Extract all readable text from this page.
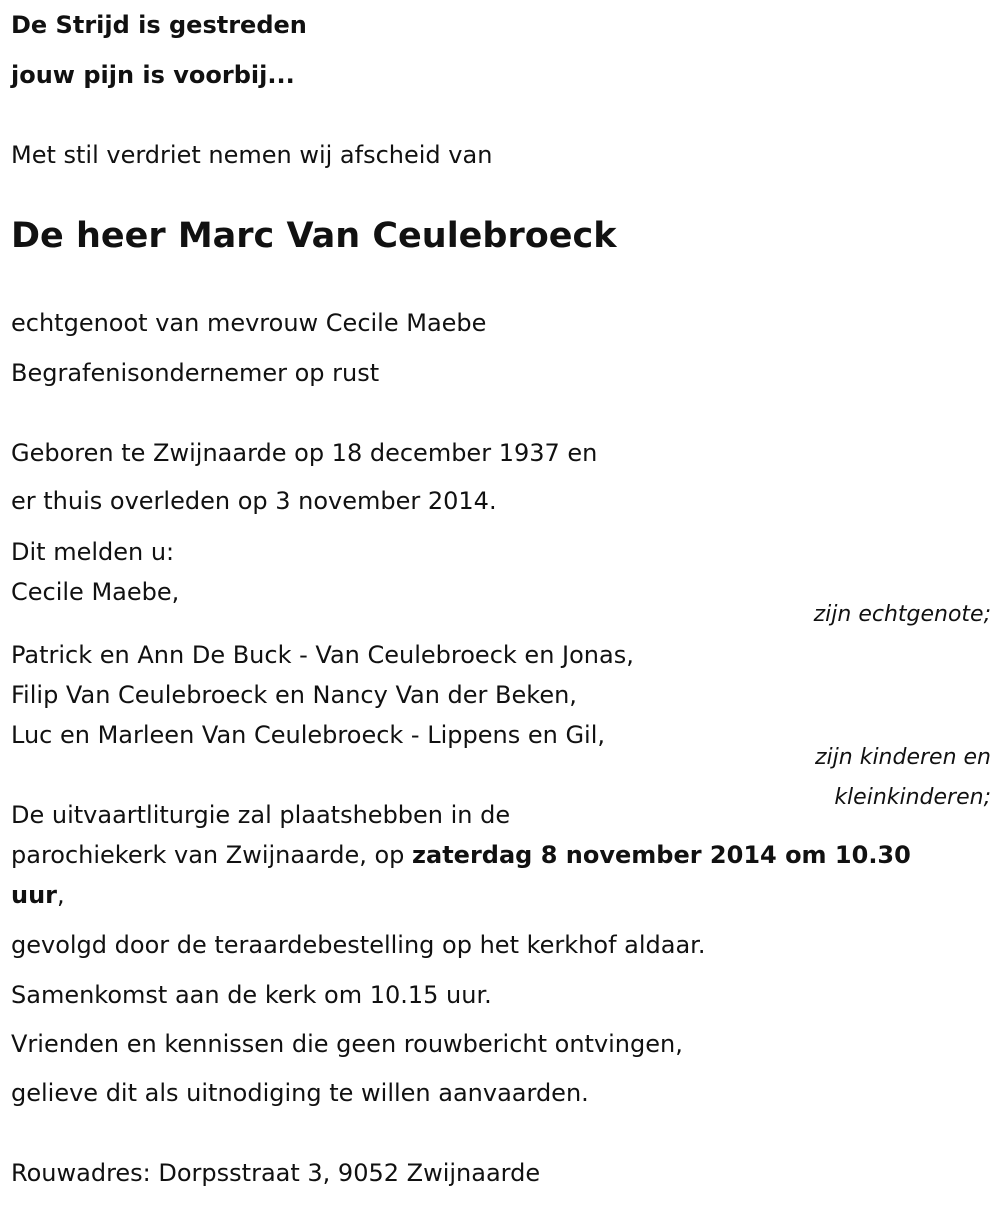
De Strijd is gestreden
jouw pijn is voorbij...
Met stil verdriet nemen wij afscheid van
De heer Marc Van Ceulebroeck
echtgenoot van mevrouw Cecile Maebe
Begrafenisondernemer op rust
Geboren te Zwijnaarde op 18 december 1937 en
er thuis overleden op 3 november 2014.
Dit melden u:
Cecile Maebe,
zijn echtgenote;
Patrick en Ann De Buck - Van Ceulebroeck en Jonas,
Filip Van Ceulebroeck en Nancy Van der Beken,
Luc en Marleen Van Ceulebroeck - Lippens en Gil,
zijn kinderen en
kleinkinderen;
De uitvaartliturgie zal plaatshebben in de
parochiekerk van Zwijnaarde, op zaterdag 8 november 2014 om 10.30 uur,
gevolgd door de teraardebestelling op het kerkhof aldaar.
Samenkomst aan de kerk om 10.15 uur.
Vrienden en kennissen die geen rouwbericht ontvingen,
gelieve dit als uitnodiging te willen aanvaarden.
Rouwadres: Dorpsstraat 3, 9052 Zwijnaarde
